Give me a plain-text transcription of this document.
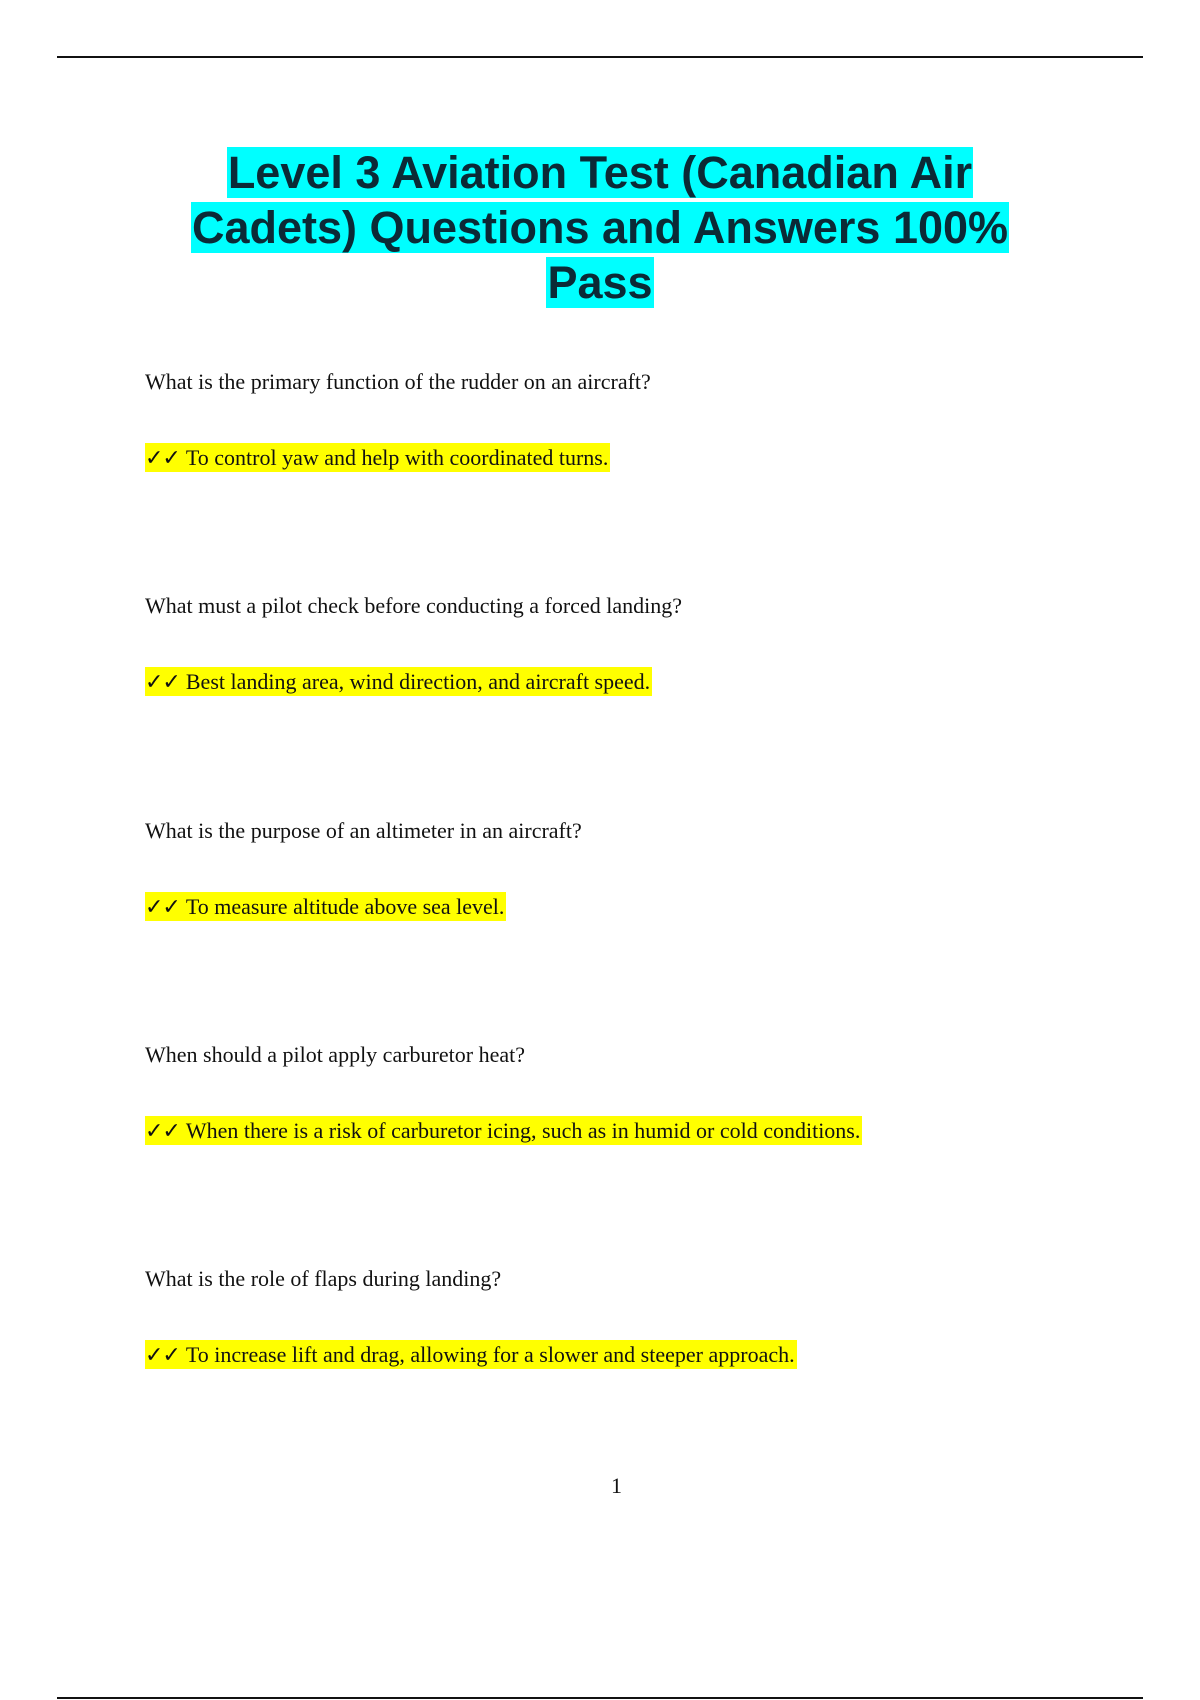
Level 3 Aviation Test (Canadian Air
Cadets) Questions and Answers 100%
Pass

What is the primary function of the rudder on an aircraft?

✓✓ To control yaw and help with coordinated turns.

What must a pilot check before conducting a forced landing?

✓✓ Best landing area, wind direction, and aircraft speed.

What is the purpose of an altimeter in an aircraft?

✓✓ To measure altitude above sea level.

When should a pilot apply carburetor heat?

✓✓ When there is a risk of carburetor icing, such as in humid or cold conditions.

What is the role of flaps during landing?

✓✓ To increase lift and drag, allowing for a slower and steeper approach.
1
